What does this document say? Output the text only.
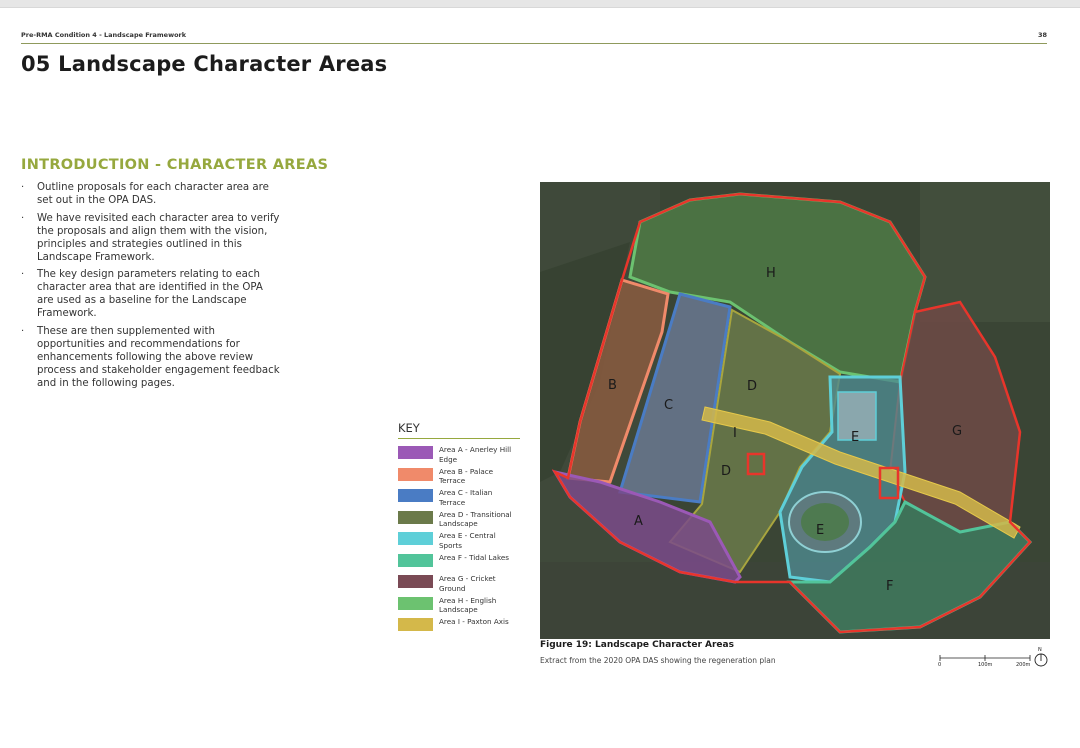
Pre-RMA Condition 4 - Landscape Framework	38
05 Landscape Character Areas
INTRODUCTION - CHARACTER AREAS
· Outline proposals for each character area are set out in the OPA DAS.
· We have revisited each character area to verify the proposals and align them with the vision, principles and strategies outlined in this Landscape Framework.
· The key design parameters relating to each character area that are identified in the OPA are used as a baseline for the Landscape Framework.
· These are then supplemented with opportunities and recommendations for enhancements following the above review process and stakeholder engagement feedback and in the following pages.
KEY
Area A - Anerley Hill Edge
Area B - Palace Terrace
Area C - Italian Terrace
Area D - Transitional Landscape
Area E - Central Sports
Area F - Tidal Lakes
Area G - Cricket Ground
Area H - English Landscape
Area I - Paxton Axis
H
B
C
D
D
I	E
E
G
F
A
Figure 19: Landscape Character Areas
Extract from the 2020 OPA DAS showing the regeneration plan	0	100m	200m
N
